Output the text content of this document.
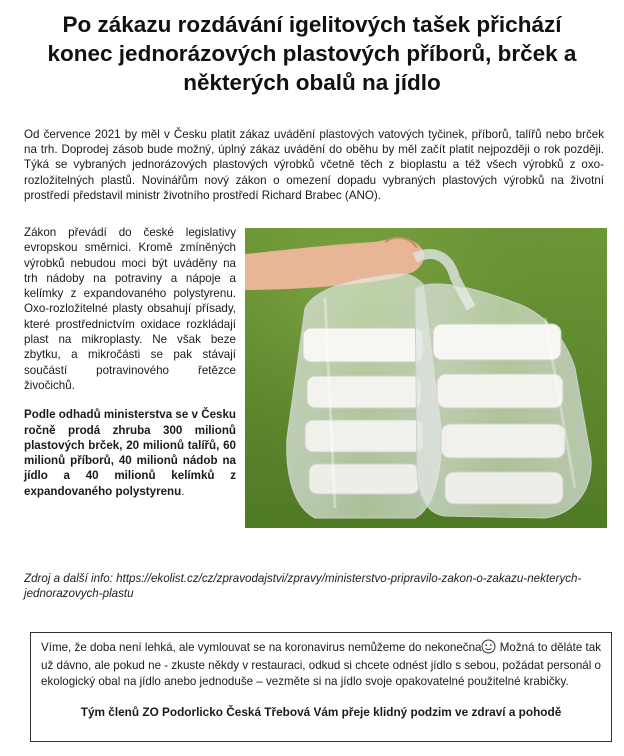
Po zákazu rozdávání igelitových tašek přichází konec jednorázových plastových příborů, brček a některých obalů na jídlo

Od července 2021 by měl v Česku platit zákaz uvádění plastových vatových tyčinek, příborů, talířů nebo brček na trh. Doprodej zásob bude možný, úplný zákaz uvádění do oběhu by měl začít platit nejpozději o rok později. Týká se vybraných jednorázových plastových výrobků včetně těch z bioplastu a též všech výrobků z oxo-rozložitelných plastů. Novinářům nový zákon o omezení dopadu vybraných plastových výrobků na životní prostředí představil ministr životního prostředí Richard Brabec (ANO).

Zákon převádí do české legislativy evropskou směrnici. Kromě zmíněných výrobků nebudou moci být uváděny na trh nádoby na potraviny a nápoje a kelímky z expandovaného polystyrenu. Oxo-rozložitelné plasty obsahují přísady, které prostřednictvím oxidace rozkládají plast na mikroplasty. Ne však beze zbytku, a mikročásti se pak stávají součástí potravinového řetězce živočichů.

Podle odhadů ministerstva se v Česku ročně prodá zhruba 300 milionů plastových brček, 20 milionů talířů, 60 milionů příborů, 40 milionů nádob na jídlo a 40 milionů kelímků z expandovaného polystyrenu.

Zdroj a další info: https://ekolist.cz/cz/zpravodajstvi/zpravy/ministerstvo-pripravilo-zakon-o-zakazu-nekterych-jednorazovych-plastu

Víme, že doba není lehká, ale vymlouvat se na koronavirus nemůžeme do nekonečna Možná to děláte tak už dávno, ale pokud ne - zkuste někdy v restauraci, odkud si chcete odnést jídlo s sebou, požádat personál o ekologický obal na jídlo anebo jednoduše – vezměte si na jídlo svoje opakovatelné použitelné krabičky.

Tým členů ZO Podorlicko Česká Třebová Vám přeje klidný podzim ve zdraví a pohodě
